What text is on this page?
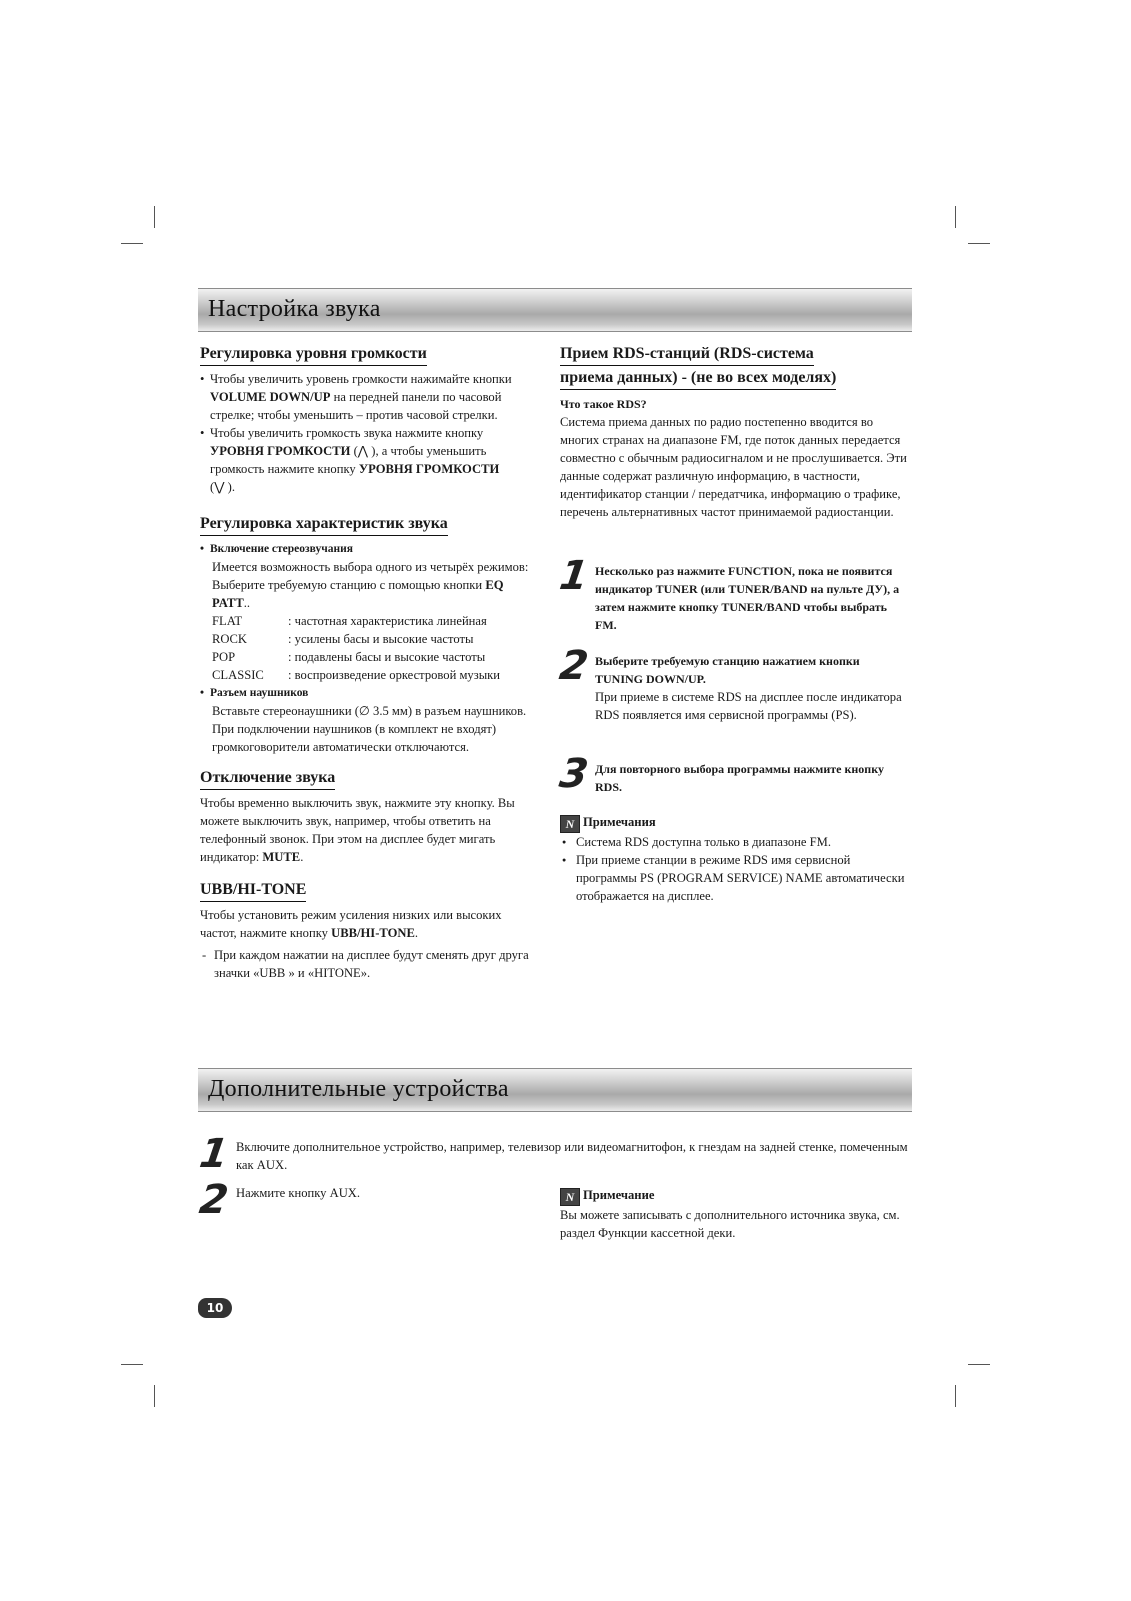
Настройка звука
Регулировка уровня громкости
• Чтобы увеличить уровень громкости нажимайте кнопки VOLUME DOWN/UP на передней панели по часовой стрелке; чтобы уменьшить – против часовой стрелки.
• Чтобы увеличить громкость звука нажмите кнопку
УРОВНЯ ГРОМКОСТИ (⋀ ), а чтобы уменьшить
громкость нажмите кнопку УРОВНЯ ГРОМКОСТИ
(⋁ ).
Регулировка характеристик звука
• Включение стереозвучания
Имеется возможность выбора одного из четырёх режимов:
Выберите требуемую станцию с помощью кнопки EQ PATT..
FLAT	: частотная характеристика линейная
ROCK	: усилены басы и высокие частоты
POP	: подавлены басы и высокие частоты
CLASSIC	: воспроизведение оркестровой музыки
• Разъем наушников
Вставьте стереонаушники (∅ 3.5 мм) в разъем наушников.
При подключении наушников (в комплект не входят) громкоговорители автоматически отключаются.
Отключение звука
Чтобы временно выключить звук, нажмите эту кнопку. Вы можете выключить звук, например, чтобы ответить на телефонный звонок. При этом на дисплее будет мигать индикатор: MUTE.
UBB/HI-TONE
Чтобы установить режим усиления низких или высоких частот, нажмите кнопку UBB/HI-TONE.
- При каждом нажатии на дисплее будут сменять друг друга значки «UBB » и «HITONE».
Прием RDS-станций (RDS-система
приема данных) - (не во всех моделях)
Что такое RDS?
Система приема данных по радио постепенно вводится во многих странах на диапазоне FM, где поток данных передается совместно с обычным радиосигналом и не прослушивается. Эти данные содержат различную информацию, в частности, идентификатор станции / передатчика, информацию о трафике, перечень альтернативных частот принимаемой радиостанции.
1 Несколько раз нажмите FUNCTION, пока не появится индикатор TUNER (или TUNER/BAND на пульте ДУ), а затем нажмите кнопку TUNER/BAND чтобы выбрать FM.
2 Выберите требуемую станцию нажатием кнопки TUNING DOWN/UP.
При приеме в системе RDS на дисплее после индикатора RDS появляется имя сервисной программы (PS).
3 Для повторного выбора программы нажмите кнопку RDS.
N Примечания
● Система RDS доступна только в диапазоне FM.
● При приеме станции в режиме RDS имя сервисной программы PS (PROGRAM SERVICE) NAME автоматически отображается на дисплее.
Дополнительные устройства
1 Включите дополнительное устройство, например, телевизор или видеомагнитофон, к гнездам на задней стенке, помеченным как AUX.
2 Нажмите кнопку AUX.	N Примечание
Вы можете записывать с дополнительного источника звука, см. раздел Функции кассетной деки.
10
